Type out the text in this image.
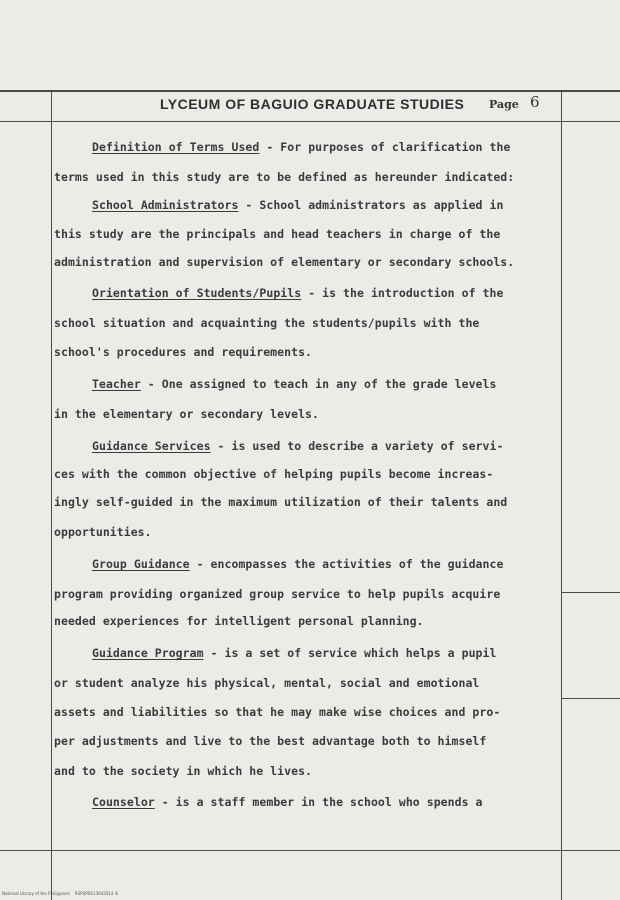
LYCEUM OF BAGUIO GRADUATE STUDIES Page 6
Definition of Terms Used - For purposes of clarification the
terms used in this study are to be defined as hereunder indicated:
School Administrators - School administrators as applied in
this study are the principals and head teachers in charge of the
administration and supervision of elementary or secondary schools.
Orientation of Students/Pupils - is the introduction of the
school situation and acquainting the students/pupils with the
school's procedures and requirements.
Teacher - One assigned to teach in any of the grade levels
in the elementary or secondary levels.
Guidance Services - is used to describe a variety of servi-
ces with the common objective of helping pupils become increas-
ingly self-guided in the maximum utilization of their talents and
opportunities.
Group Guidance - encompasses the activities of the guidance
program providing organized group service to help pupils acquire
needed experiences for intelligent personal planning.
Guidance Program - is a set of service which helps a pupil
or student analyze his physical, mental, social and emotional
assets and liabilities so that he may make wise choices and pro-
per adjustments and live to the best advantage both to himself
and to the society in which he lives.
Counselor - is a staff member in the school who spends a
National Library of the Philippines    RSPSPDS13643514 lil
